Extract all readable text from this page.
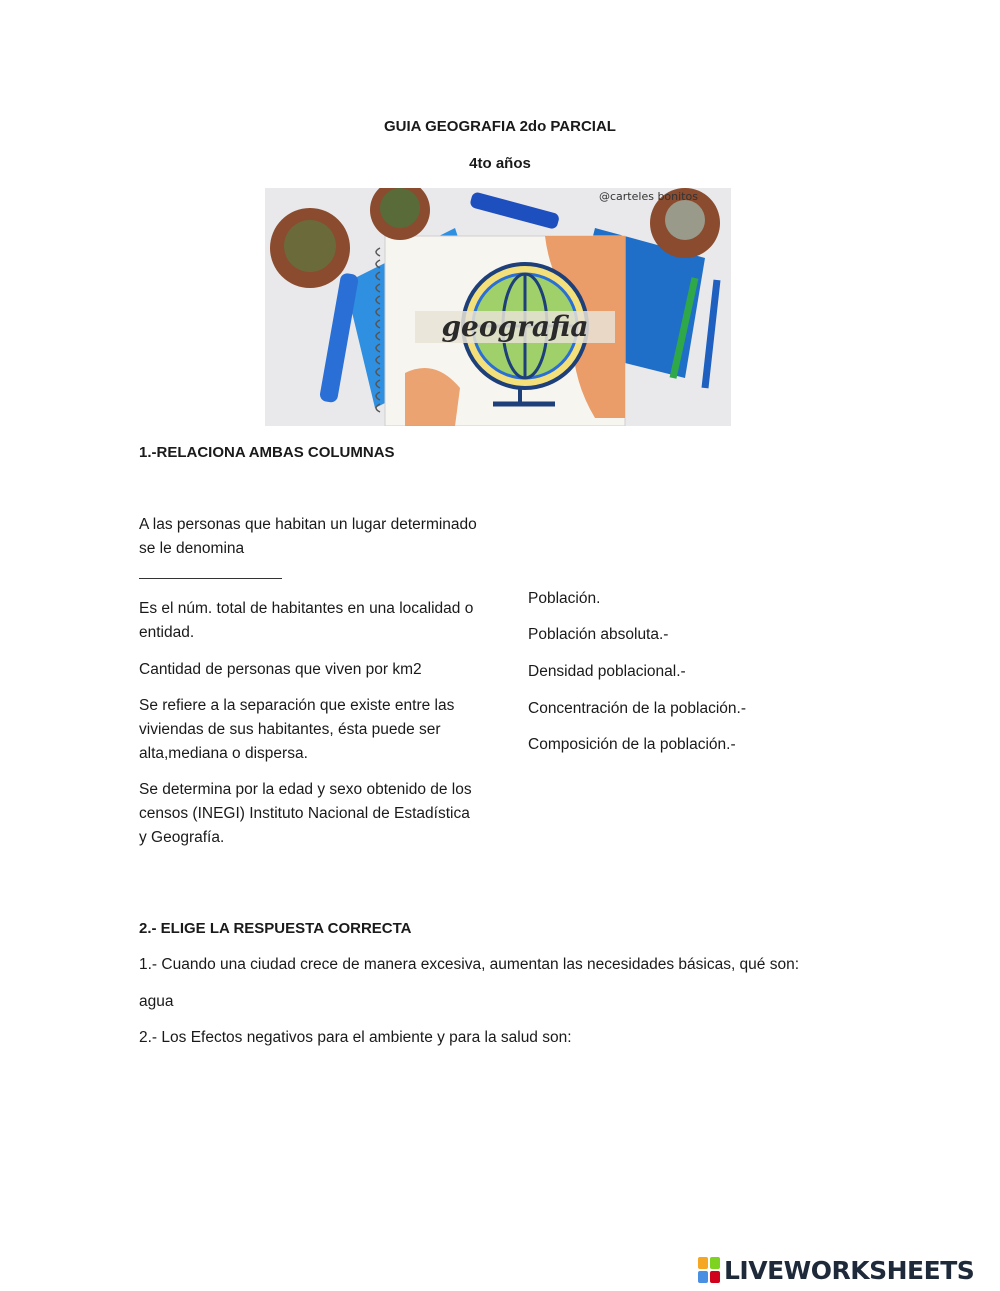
GUIA GEOGRAFIA 2do PARCIAL
4to años
geografia
@carteles bonitos
1.-RELACIONA AMBAS COLUMNAS
A las personas que habitan un lugar determinado se le denomina
Es el núm. total de habitantes en una localidad o entidad.
Cantidad de personas que viven por km2
Se refiere a la separación que existe entre las viviendas de sus habitantes, ésta puede ser alta,mediana o dispersa.
Se determina por la edad y sexo obtenido de los censos (INEGI) Instituto Nacional de Estadística y Geografía.
Población.
Población absoluta.-
Densidad poblacional.-
Concentración de la población.-
Composición de la población.-
2.- ELIGE LA RESPUESTA CORRECTA
1.- Cuando una ciudad crece de manera excesiva, aumentan las necesidades básicas, qué son:
agua
2.- Los Efectos negativos para el ambiente y para la salud son:
LIVEWORKSHEETS
